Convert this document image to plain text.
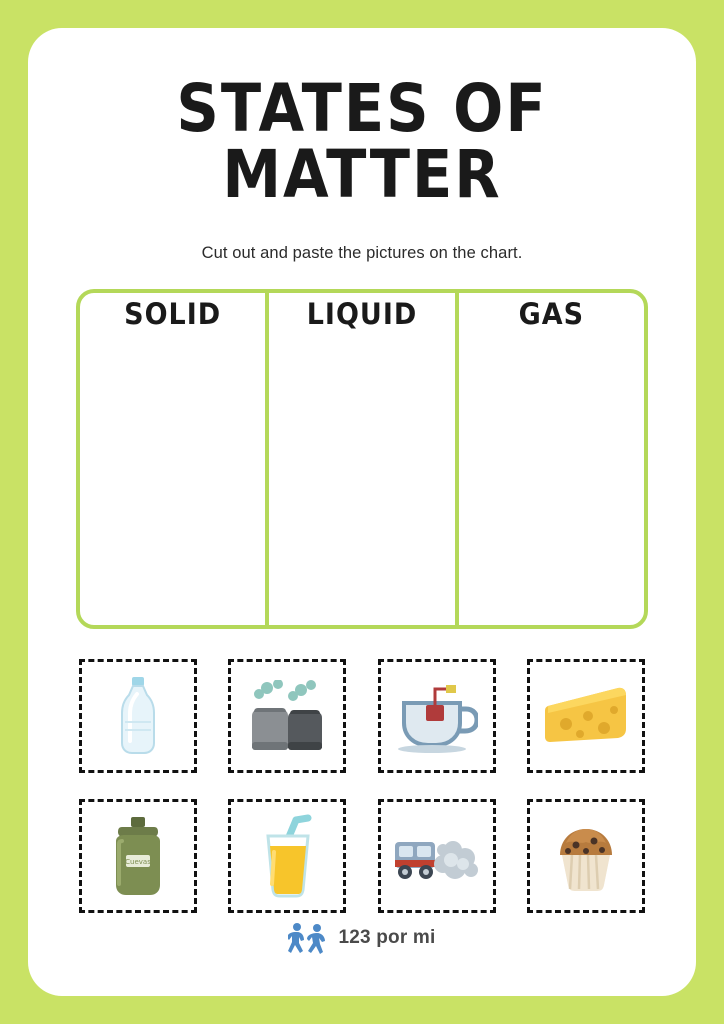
STATES OF MATTER

Cut out and paste the pictures on the chart.

SOLID	LIQUID	GAS
Cuevas
123 por mi
